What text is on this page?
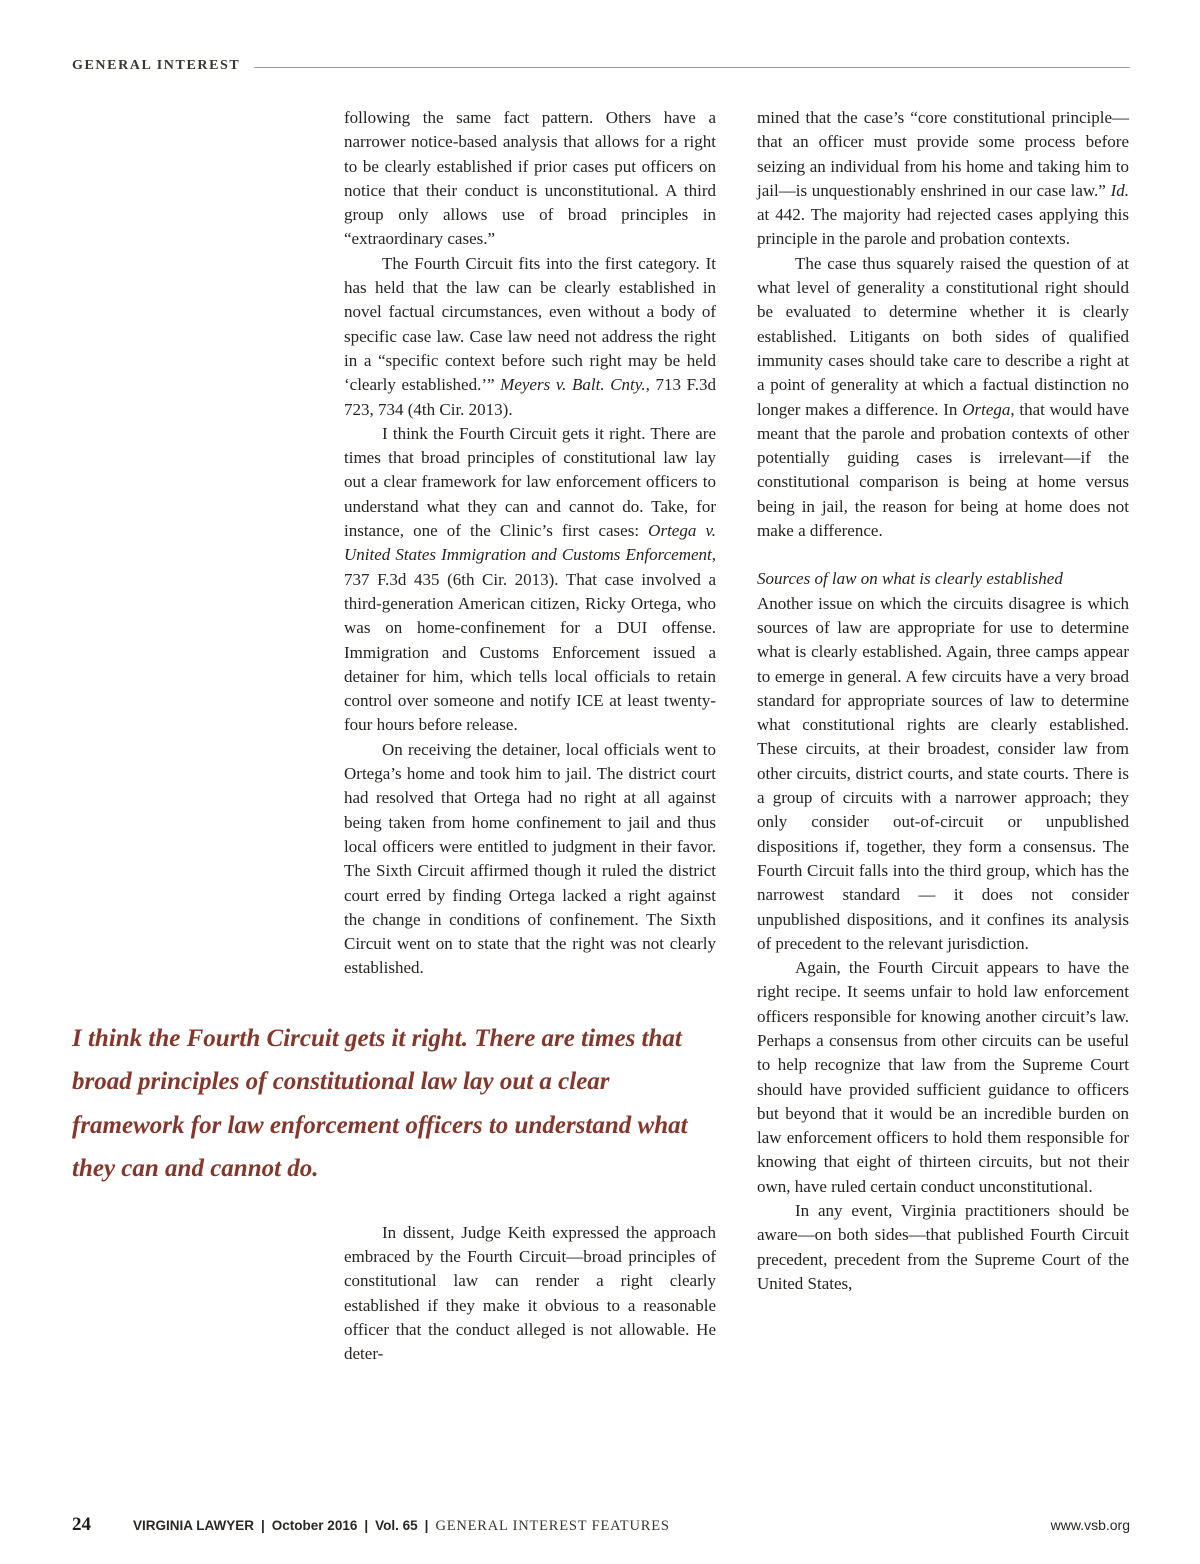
GENERAL INTEREST

following the same fact pattern. Others have a narrower notice-based analysis that allows for a right to be clearly established if prior cases put officers on notice that their conduct is unconstitutional. A third group only allows use of broad principles in “extraordinary cases.”

The Fourth Circuit fits into the first category. It has held that the law can be clearly established in novel factual circumstances, even without a body of specific case law. Case law need not address the right in a “specific context before such right may be held ‘clearly established.’” Meyers v. Balt. Cnty., 713 F.3d 723, 734 (4th Cir. 2013).

I think the Fourth Circuit gets it right. There are times that broad principles of constitutional law lay out a clear framework for law enforcement officers to understand what they can and cannot do. Take, for instance, one of the Clinic’s first cases: Ortega v. United States Immigration and Customs Enforcement, 737 F.3d 435 (6th Cir. 2013). That case involved a third-generation American citizen, Ricky Ortega, who was on home-confinement for a DUI offense. Immigration and Customs Enforcement issued a detainer for him, which tells local officials to retain control over someone and notify ICE at least twenty-four hours before release.

On receiving the detainer, local officials went to Ortega’s home and took him to jail. The district court had resolved that Ortega had no right at all against being taken from home confinement to jail and thus local officers were entitled to judgment in their favor. The Sixth Circuit affirmed though it ruled the district court erred by finding Ortega lacked a right against the change in conditions of confinement. The Sixth Circuit went on to state that the right was not clearly established.

I think the Fourth Circuit gets it right. There are times that broad principles of constitutional law lay out a clear framework for law enforcement officers to understand what they can and cannot do.

In dissent, Judge Keith expressed the approach embraced by the Fourth Circuit—broad principles of constitutional law can render a right clearly established if they make it obvious to a reasonable officer that the conduct alleged is not allowable. He deter-

mined that the case’s “core constitutional principle—that an officer must provide some process before seizing an individual from his home and taking him to jail—is unquestionably enshrined in our case law.” Id. at 442. The majority had rejected cases applying this principle in the parole and probation contexts.

The case thus squarely raised the question of at what level of generality a constitutional right should be evaluated to determine whether it is clearly established. Litigants on both sides of qualified immunity cases should take care to describe a right at a point of generality at which a factual distinction no longer makes a difference. In Ortega, that would have meant that the parole and probation contexts of other potentially guiding cases is irrelevant—if the constitutional comparison is being at home versus being in jail, the reason for being at home does not make a difference.

Sources of law on what is clearly established

Another issue on which the circuits disagree is which sources of law are appropriate for use to determine what is clearly established. Again, three camps appear to emerge in general. A few circuits have a very broad standard for appropriate sources of law to determine what constitutional rights are clearly established. These circuits, at their broadest, consider law from other circuits, district courts, and state courts. There is a group of circuits with a narrower approach; they only consider out-of-circuit or unpublished dispositions if, together, they form a consensus. The Fourth Circuit falls into the third group, which has the narrowest standard — it does not consider unpublished dispositions, and it confines its analysis of precedent to the relevant jurisdiction.

Again, the Fourth Circuit appears to have the right recipe. It seems unfair to hold law enforcement officers responsible for knowing another circuit’s law. Perhaps a consensus from other circuits can be useful to help recognize that law from the Supreme Court should have provided sufficient guidance to officers but beyond that it would be an incredible burden on law enforcement officers to hold them responsible for knowing that eight of thirteen circuits, but not their own, have ruled certain conduct unconstitutional.

In any event, Virginia practitioners should be aware—on both sides—that published Fourth Circuit precedent, precedent from the Supreme Court of the United States,

24	VIRGINIA LAWYER | October 2016 | Vol. 65 | GENERAL INTEREST FEATURES	www.vsb.org
